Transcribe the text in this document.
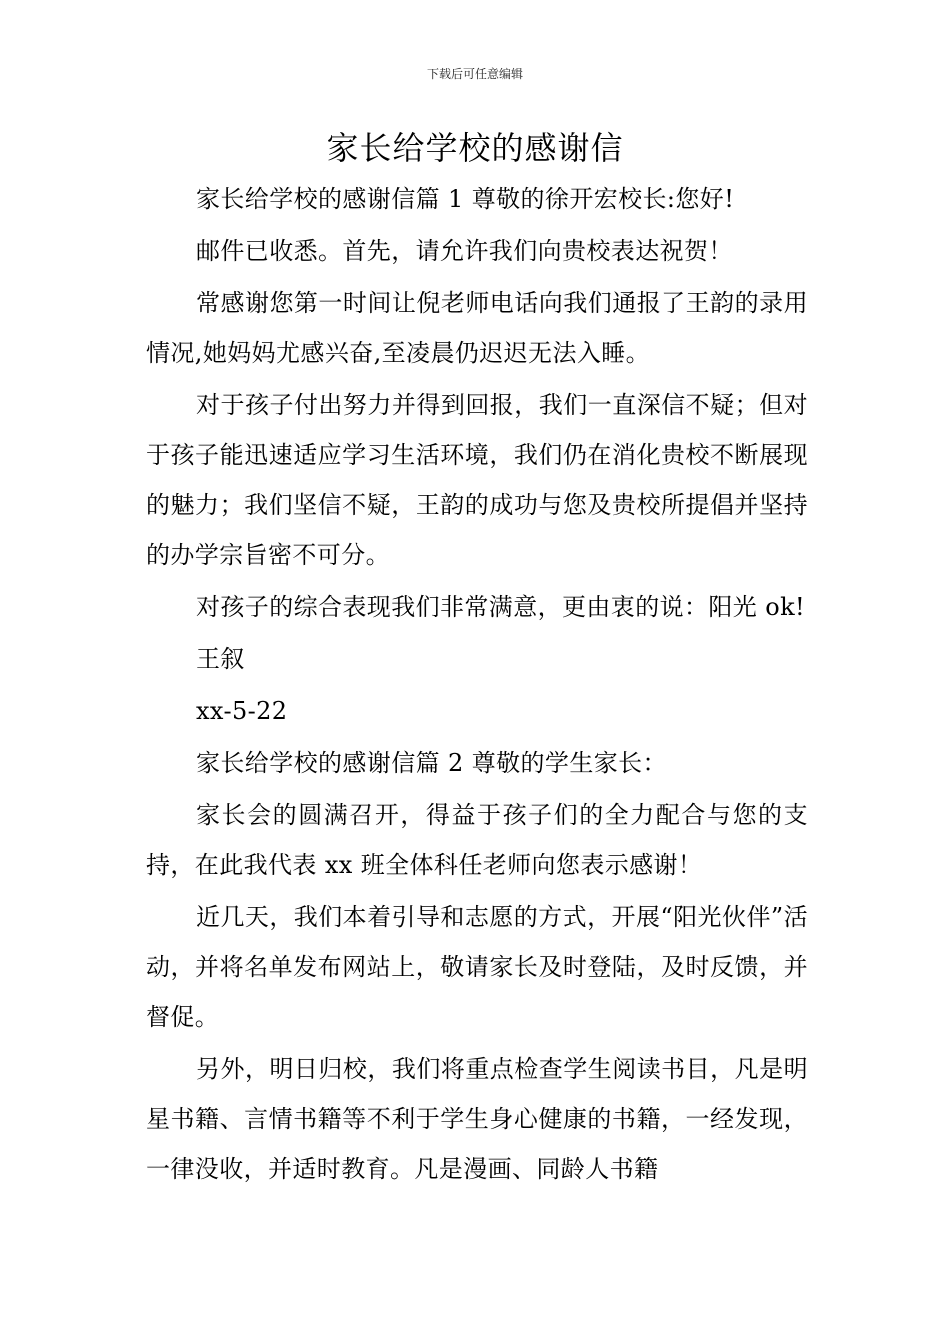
下载后可任意编辑
家长给学校的感谢信

家长给学校的感谢信篇 1 尊敬的徐开宏校长:您好!

邮件已收悉。首先，请允许我们向贵校表达祝贺！

常感谢您第一时间让倪老师电话向我们通报了王韵的录用情况,她妈妈尤感兴奋,至凌晨仍迟迟无法入睡。

对于孩子付出努力并得到回报，我们一直深信不疑；但对于孩子能迅速适应学习生活环境，我们仍在消化贵校不断展现的魅力；我们坚信不疑，王韵的成功与您及贵校所提倡并坚持的办学宗旨密不可分。

对孩子的综合表现我们非常满意，更由衷的说：阳光 ok!

王叙

xx-5-22

家长给学校的感谢信篇 2 尊敬的学生家长：

家长会的圆满召开，得益于孩子们的全力配合与您的支持，在此我代表 xx 班全体科任老师向您表示感谢！

近几天，我们本着引导和志愿的方式，开展“阳光伙伴”活动，并将名单发布网站上，敬请家长及时登陆，及时反馈，并督促。

另外，明日归校，我们将重点检查学生阅读书目，凡是明星书籍、言情书籍等不利于学生身心健康的书籍，一经发现，一律没收，并适时教育。凡是漫画、同龄人书籍
